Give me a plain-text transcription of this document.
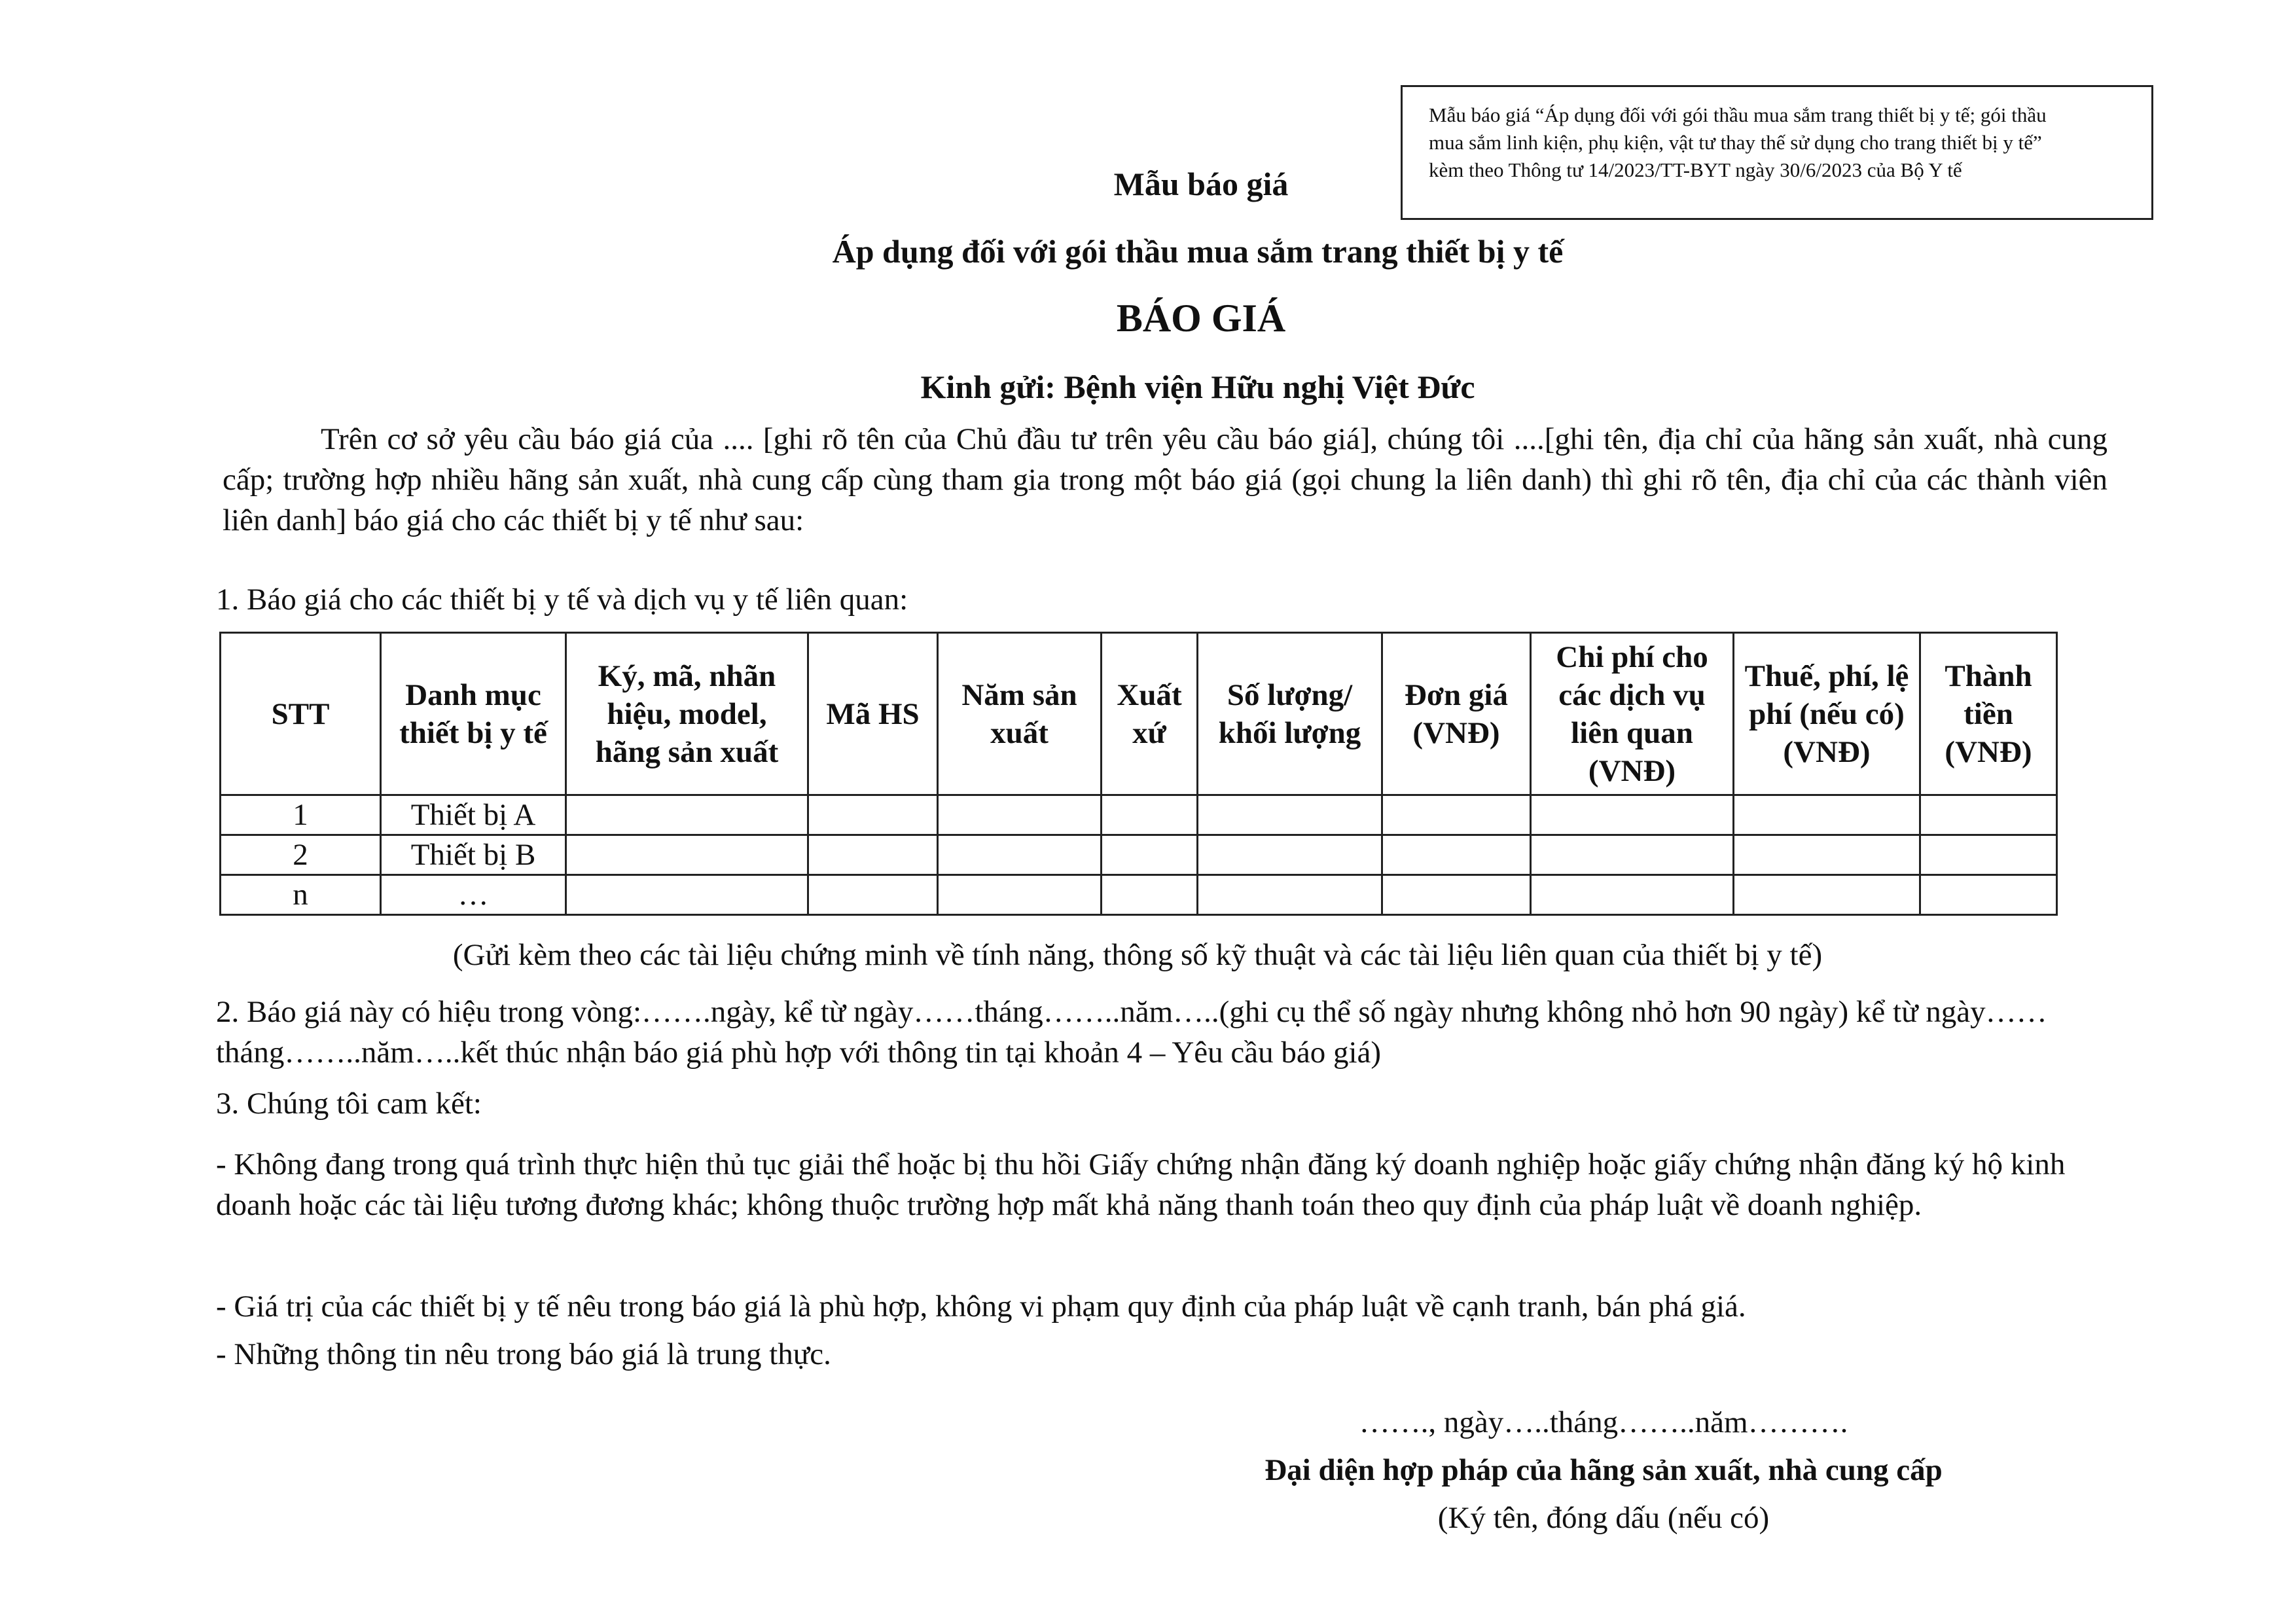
Mẫu báo giá “Áp dụng đối với gói thầu mua sắm trang thiết bị y tế; gói thầu
mua sắm linh kiện, phụ kiện, vật tư thay thế sử dụng cho trang thiết bị y tế”
kèm theo Thông tư 14/2023/TT-BYT ngày 30/6/2023 của Bộ Y tế
Mẫu báo giá
Áp dụng đối với gói thầu mua sắm trang thiết bị y tế
BÁO GIÁ
Kinh gửi: Bệnh viện Hữu nghị Việt Đức
Trên cơ sở yêu cầu báo giá của .... [ghi rõ tên của Chủ đầu tư trên yêu cầu báo giá], chúng tôi ....[ghi tên, địa chỉ của hãng sản xuất, nhà cung cấp; trường hợp nhiều hãng sản xuất, nhà cung cấp cùng tham gia trong một báo giá (gọi chung la liên danh) thì ghi rõ tên, địa chỉ của các thành viên liên danh] báo giá cho các thiết bị y tế như sau:
1. Báo giá cho các thiết bị y tế và dịch vụ y tế liên quan:
STT	Danh mục thiết bị y tế	Ký, mã, nhãn hiệu, model, hãng sản xuất	Mã HS	Năm sản xuất	Xuất xứ	Số lượng/ khối lượng	Đơn giá (VNĐ)	Chi phí cho các dịch vụ liên quan (VNĐ)	Thuế, phí, lệ phí (nếu có) (VNĐ)	Thành tiền (VNĐ)
1	Thiết bị A									
2	Thiết bị B									
n	…									
(Gửi kèm theo các tài liệu chứng minh về tính năng, thông số kỹ thuật và các tài liệu liên quan của thiết bị y tế)
2. Báo giá này có hiệu trong vòng:…….ngày, kể từ ngày……tháng……..năm…..(ghi cụ thể số ngày nhưng không nhỏ hơn 90 ngày) kể từ ngày……tháng……..năm…..kết thúc nhận báo giá phù hợp với thông tin tại khoản 4 – Yêu cầu báo giá)
3. Chúng tôi cam kết:
- Không đang trong quá trình thực hiện thủ tục giải thể hoặc bị thu hồi Giấy chứng nhận đăng ký doanh nghiệp hoặc giấy chứng nhận đăng ký hộ kinh doanh hoặc các tài liệu tương đương khác; không thuộc trường hợp mất khả năng thanh toán theo quy định của pháp luật về doanh nghiệp.
- Giá trị của các thiết bị y tế nêu trong báo giá là phù hợp, không vi phạm quy định của pháp luật về cạnh tranh, bán phá giá.
- Những thông tin nêu trong báo giá là trung thực.
……., ngày…..tháng……..năm……….
Đại diện hợp pháp của hãng sản xuất, nhà cung cấp
(Ký tên, đóng dấu (nếu có)
